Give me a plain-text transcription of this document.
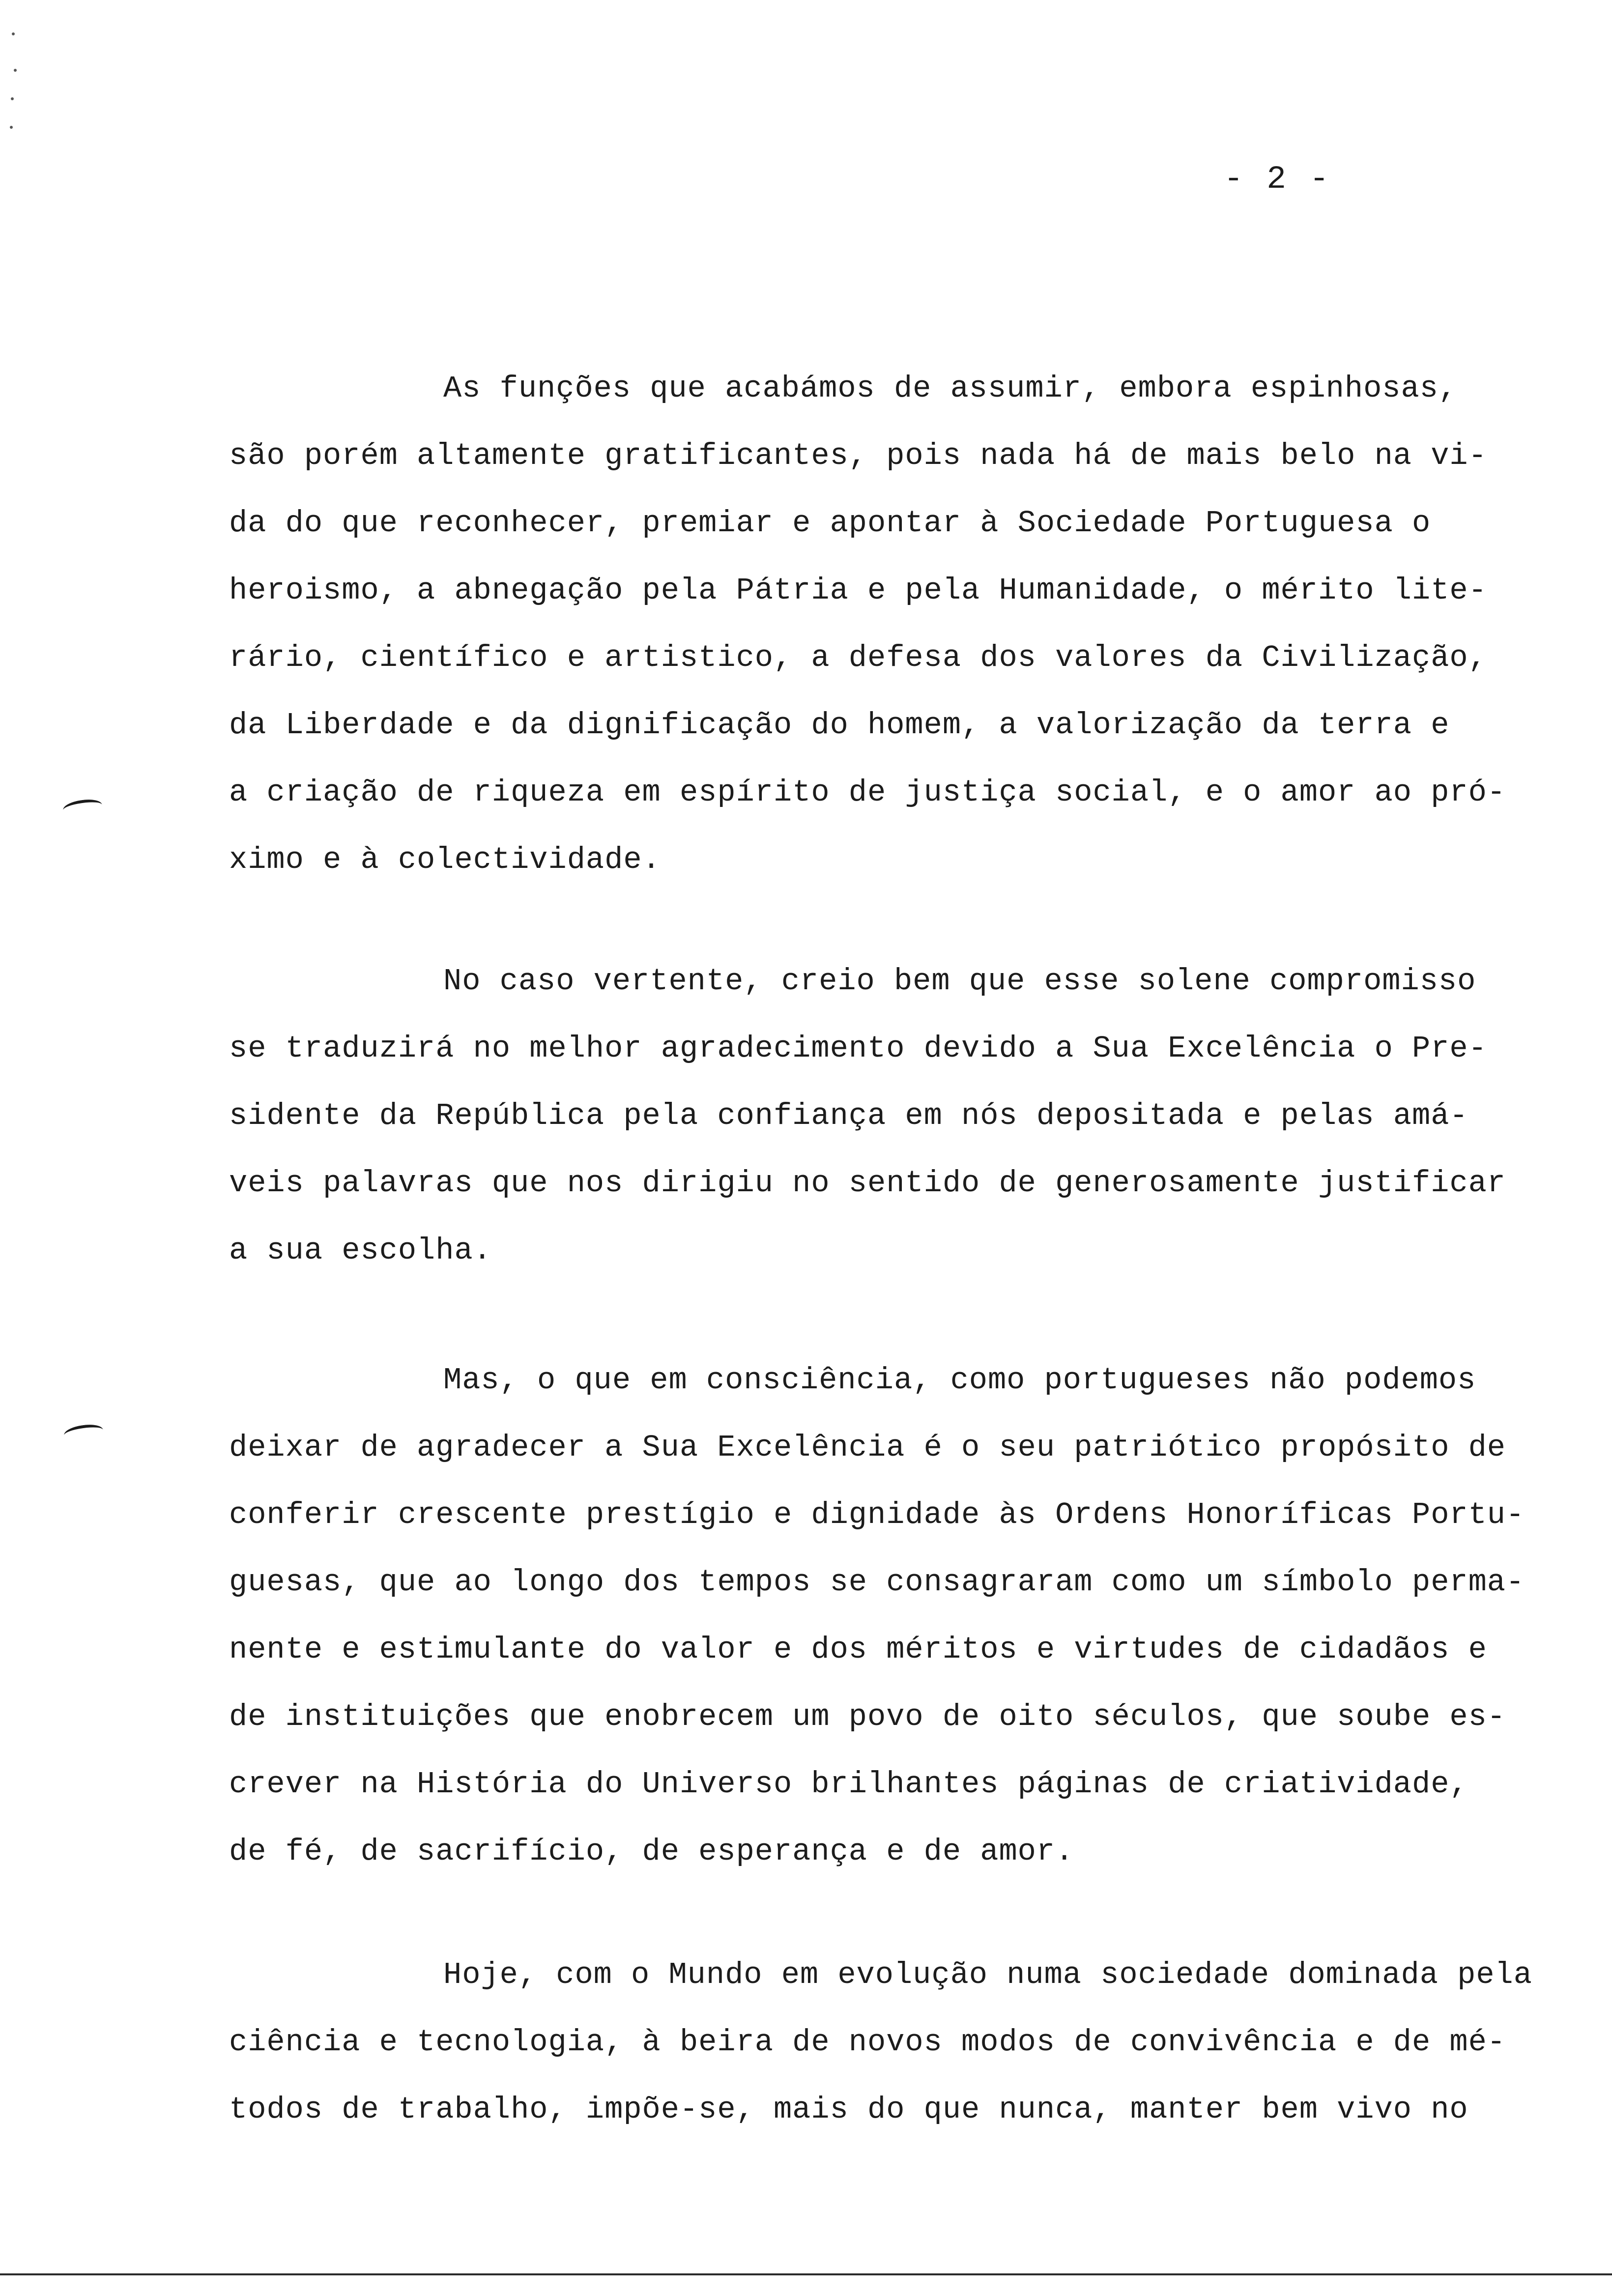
- 2 -
As funções que acabámos de assumir, embora espinhosas,
são porém altamente gratificantes, pois nada há de mais belo na vi-
da do que reconhecer, premiar e apontar à Sociedade Portuguesa o
heroismo, a abnegação pela Pátria e pela Humanidade, o mérito lite-
rário, científico e artistico, a defesa dos valores da Civilização,
da Liberdade e da dignificação do homem, a valorização da terra e
a criação de riqueza em espírito de justiça social, e o amor ao pró-
ximo e à colectividade.
No caso vertente, creio bem que esse solene compromisso
se traduzirá no melhor agradecimento devido a Sua Excelência o Pre-
sidente da República pela confiança em nós depositada e pelas amá-
veis palavras que nos dirigiu no sentido de generosamente justificar
a sua escolha.
Mas, o que em consciência, como portugueses não podemos
deixar de agradecer a Sua Excelência é o seu patriótico propósito de
conferir crescente prestígio e dignidade às Ordens Honoríficas Portu-
guesas, que ao longo dos tempos se consagraram como um símbolo perma-
nente e estimulante do valor e dos méritos e virtudes de cidadãos e
de instituições que enobrecem um povo de oito séculos, que soube es-
crever na História do Universo brilhantes páginas de criatividade,
de fé, de sacrifício, de esperança e de amor.
Hoje, com o Mundo em evolução numa sociedade dominada pela
ciência e tecnologia, à beira de novos modos de convivência e de mé-
todos de trabalho, impõe-se, mais do que nunca, manter bem vivo no
